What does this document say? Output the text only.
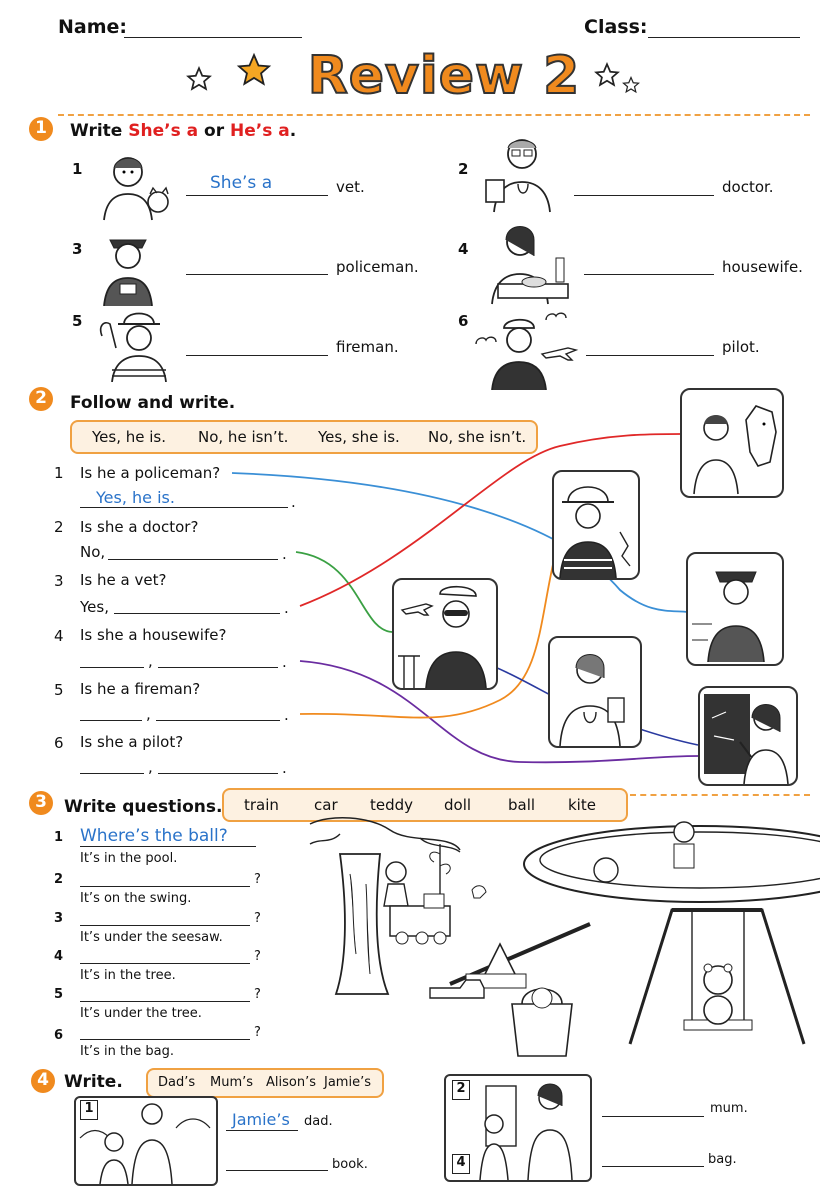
Name:	Class:
Review 2
1	Write She’s a or He’s a.
1
She’s a	vet.
2
doctor.
3
policeman.
4
housewife.
5
fireman.
6
pilot.
2	Follow and write.
Yes, he is. No, he isn’t. Yes, she is. No, she isn’t.
1 Is he a policeman?
Yes, he is.	.
2 Is she a doctor?
No,	.
3 Is he a vet?
Yes,	.
4 Is she a housewife?
,	.
5 Is he a fireman?
,	.
6 Is she a pilot?
,	.
3	Write questions. train car teddy doll ball kite
1 Where’s the ball?
It’s in the pool.
2	?
It’s on the swing.
3	?
It’s under the seesaw.
4	?
It’s in the tree.
5	?
It’s under the tree.
6	?
It’s in the bag.
4 Write.	Dad’s Mum’s Alison’s Jamie’s
1
Jamie’s dad.
book.
2
4
mum.
bag.
